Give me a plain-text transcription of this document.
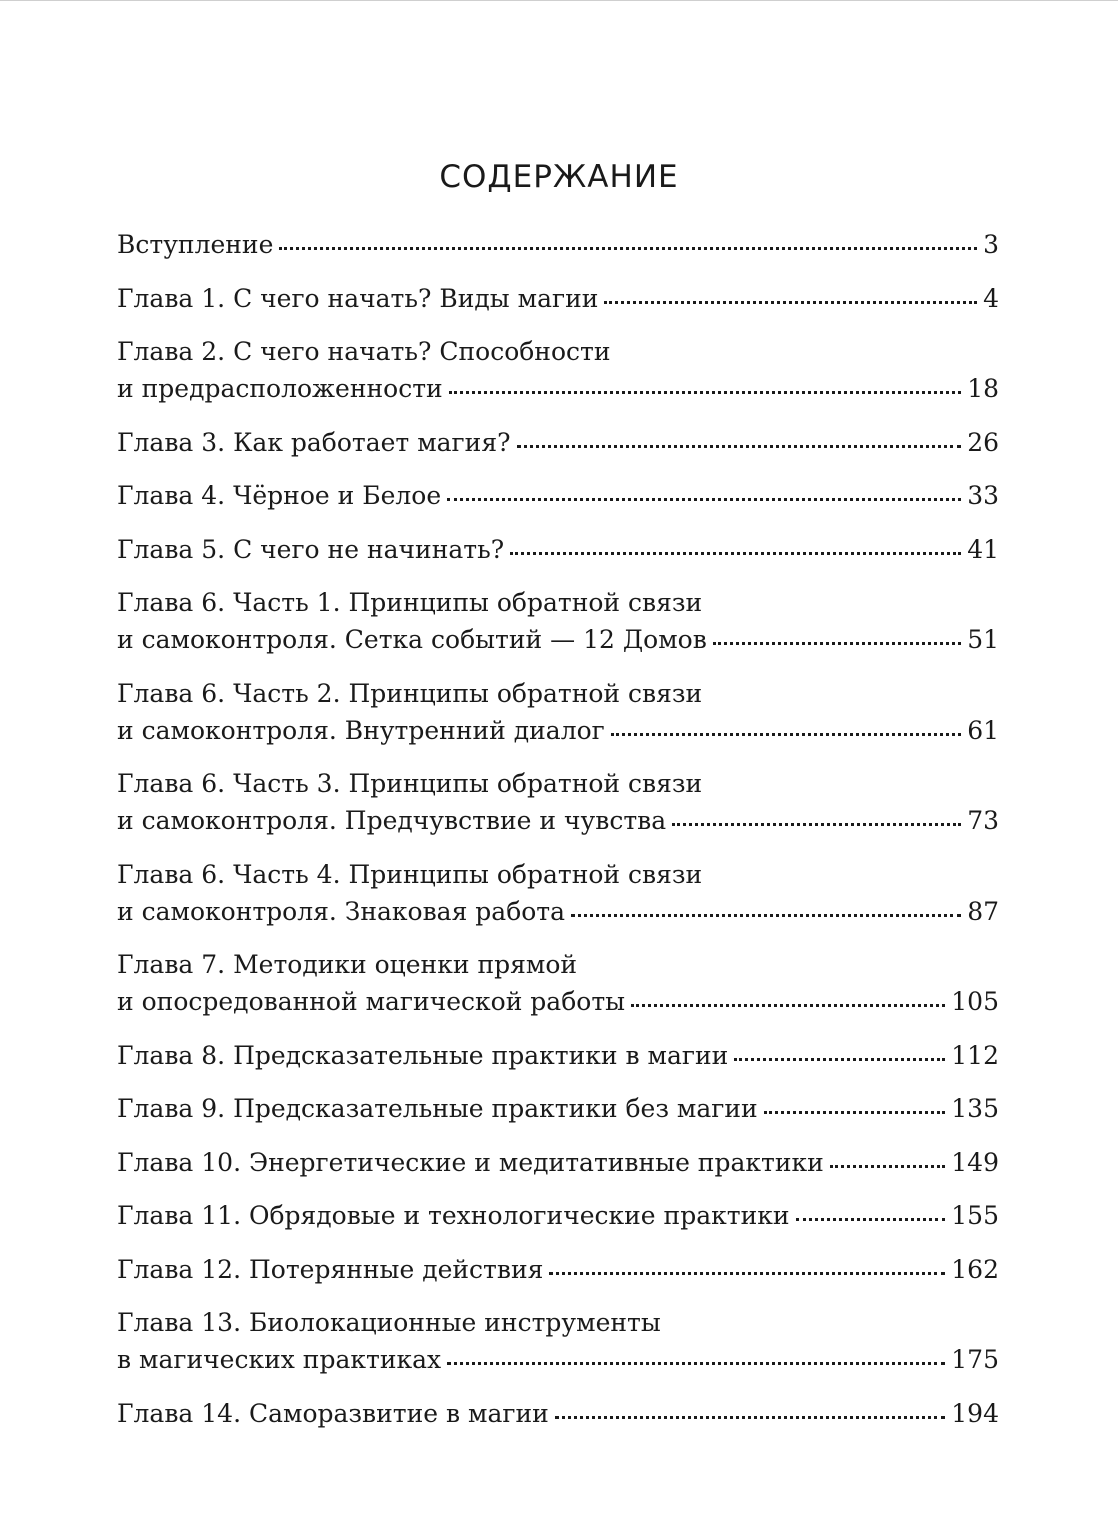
СОДЕРЖАНИЕ
Вступление	3
Глава 1. С чего начать? Виды магии	4
Глава 2. С чего начать? Способности
и предрасположенности	18
Глава 3. Как работает магия?	26
Глава 4. Чёрное и Белое	33
Глава 5. С чего не начинать?	41
Глава 6. Часть 1. Принципы обратной связи
и самоконтроля. Сетка событий — 12 Домов	51
Глава 6. Часть 2. Принципы обратной связи
и самоконтроля. Внутренний диалог	61
Глава 6. Часть 3. Принципы обратной связи
и самоконтроля. Предчувствие и чувства	73
Глава 6. Часть 4. Принципы обратной связи
и самоконтроля. Знаковая работа	87
Глава 7. Методики оценки прямой
и опосредованной магической работы	105
Глава 8. Предсказательные практики в магии	112
Глава 9. Предсказательные практики без магии	135
Глава 10. Энергетические и медитативные практики	149
Глава 11. Обрядовые и технологические практики	155
Глава 12. Потерянные действия	162
Глава 13. Биолокационные инструменты
в магических практиках	175
Глава 14. Саморазвитие в магии	194
